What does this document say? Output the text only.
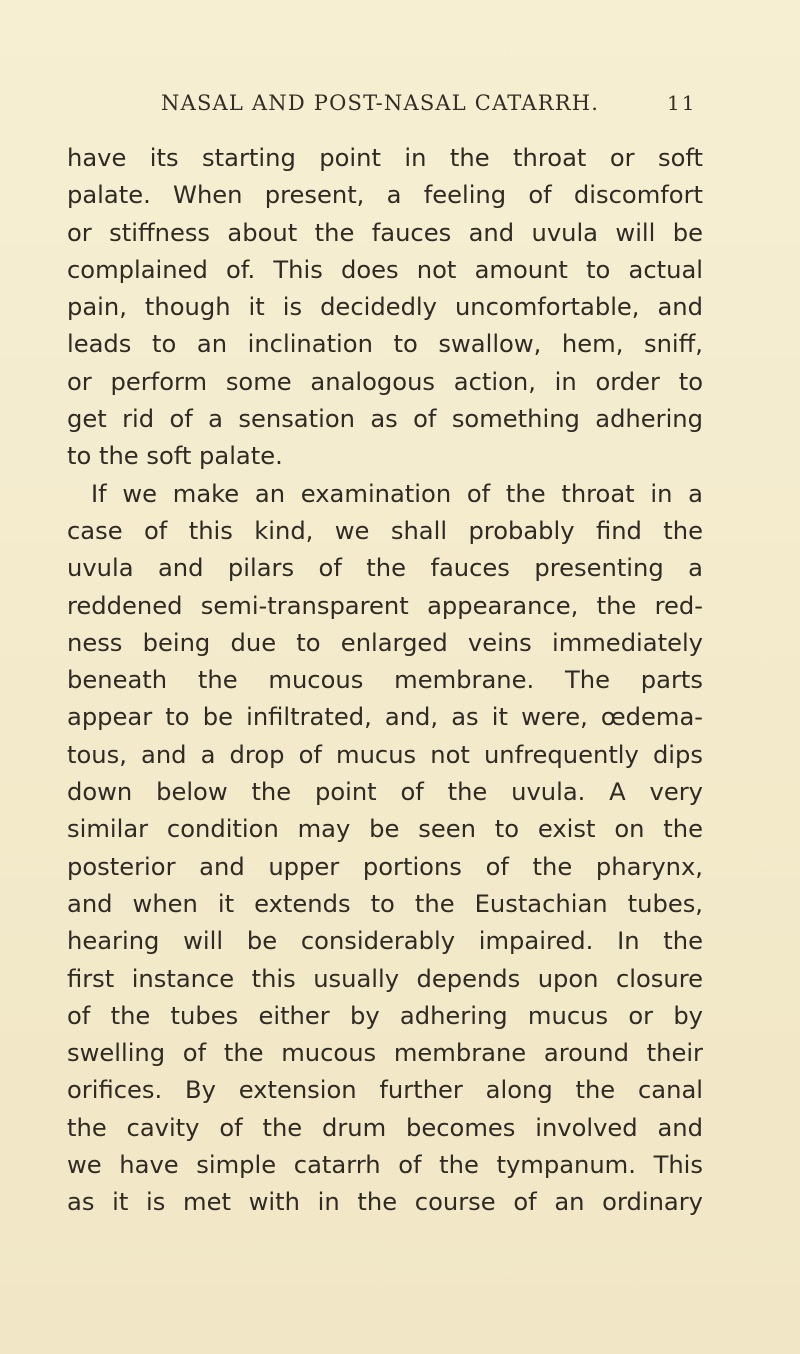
NASAL AND POST-NASAL CATARRH.	11
have its starting point in the throat or soft
palate. When present, a feeling of discomfort
or stiffness about the fauces and uvula will be
complained of. This does not amount to actual
pain, though it is decidedly uncomfortable, and
leads to an inclination to swallow, hem, sniff,
or perform some analogous action, in order to
get rid of a sensation as of something adhering
to the soft palate.
If we make an examination of the throat in a
case of this kind, we shall probably find the
uvula and pilars of the fauces presenting a
reddened semi-transparent appearance, the red-
ness being due to enlarged veins immediately
beneath the mucous membrane. The parts
appear to be infiltrated, and, as it were, œdema-
tous, and a drop of mucus not unfrequently dips
down below the point of the uvula. A very
similar condition may be seen to exist on the
posterior and upper portions of the pharynx,
and when it extends to the Eustachian tubes,
hearing will be considerably impaired. In the
first instance this usually depends upon closure
of the tubes either by adhering mucus or by
swelling of the mucous membrane around their
orifices. By extension further along the canal
the cavity of the drum becomes involved and
we have simple catarrh of the tympanum. This
as it is met with in the course of an ordinary
